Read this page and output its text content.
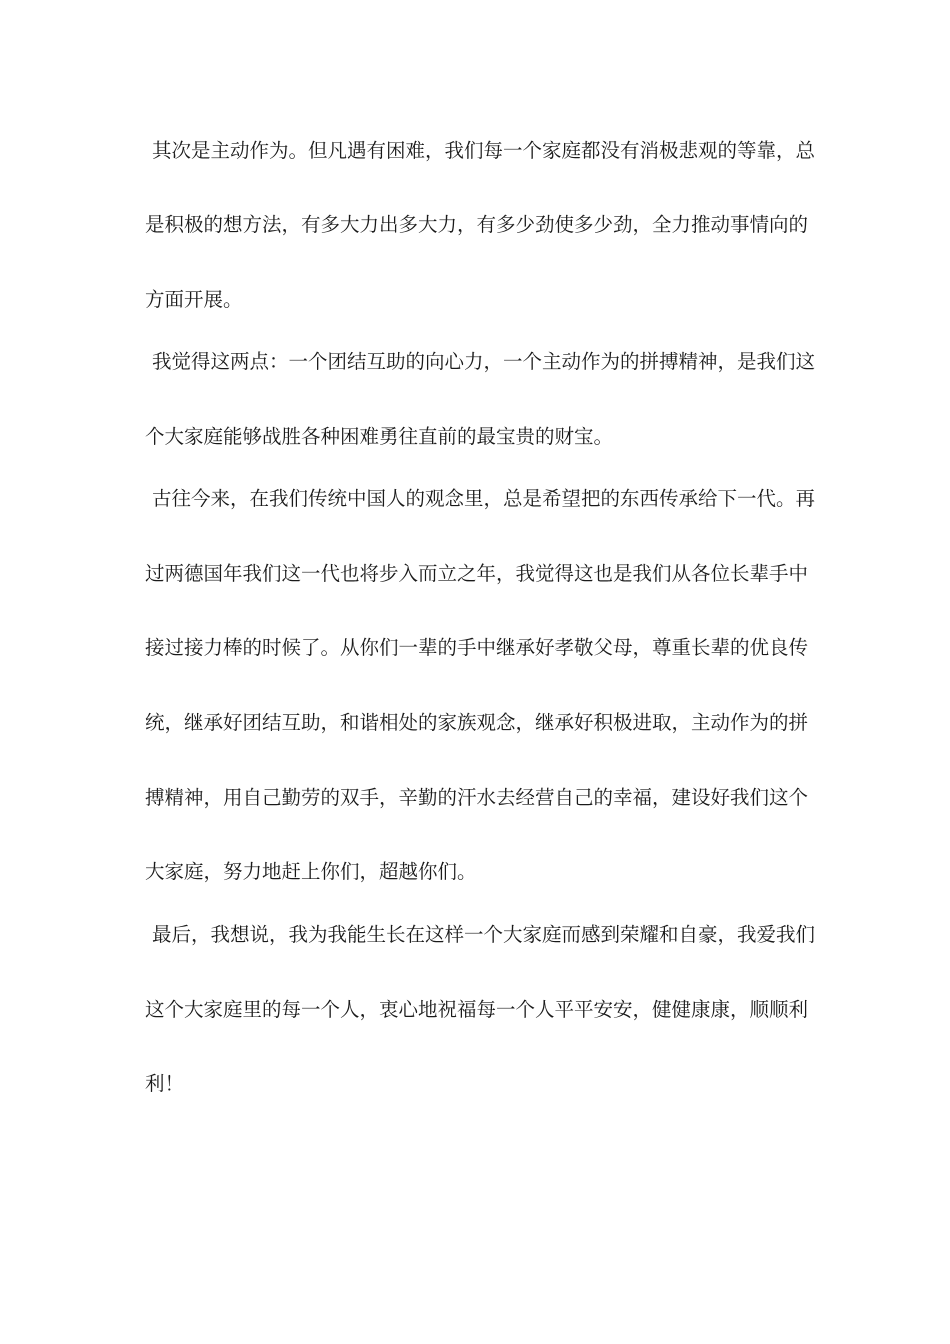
其次是主动作为。但凡遇有困难，我们每一个家庭都没有消极悲观的等靠，总
是积极的想方法，有多大力出多大力，有多少劲使多少劲，全力推动事情向的
方面开展。
我觉得这两点：一个团结互助的向心力，一个主动作为的拼搏精神，是我们这
个大家庭能够战胜各种困难勇往直前的最宝贵的财宝。
古往今来，在我们传统中国人的观念里，总是希望把的东西传承给下一代。再
过两德国年我们这一代也将步入而立之年，我觉得这也是我们从各位长辈手中
接过接力棒的时候了。从你们一辈的手中继承好孝敬父母，尊重长辈的优良传
统，继承好团结互助，和谐相处的家族观念，继承好积极进取，主动作为的拼
搏精神，用自己勤劳的双手，辛勤的汗水去经营自己的幸福，建设好我们这个
大家庭，努力地赶上你们，超越你们。
最后，我想说，我为我能生长在这样一个大家庭而感到荣耀和自豪，我爱我们
这个大家庭里的每一个人，衷心地祝福每一个人平平安安，健健康康，顺顺利
利！
